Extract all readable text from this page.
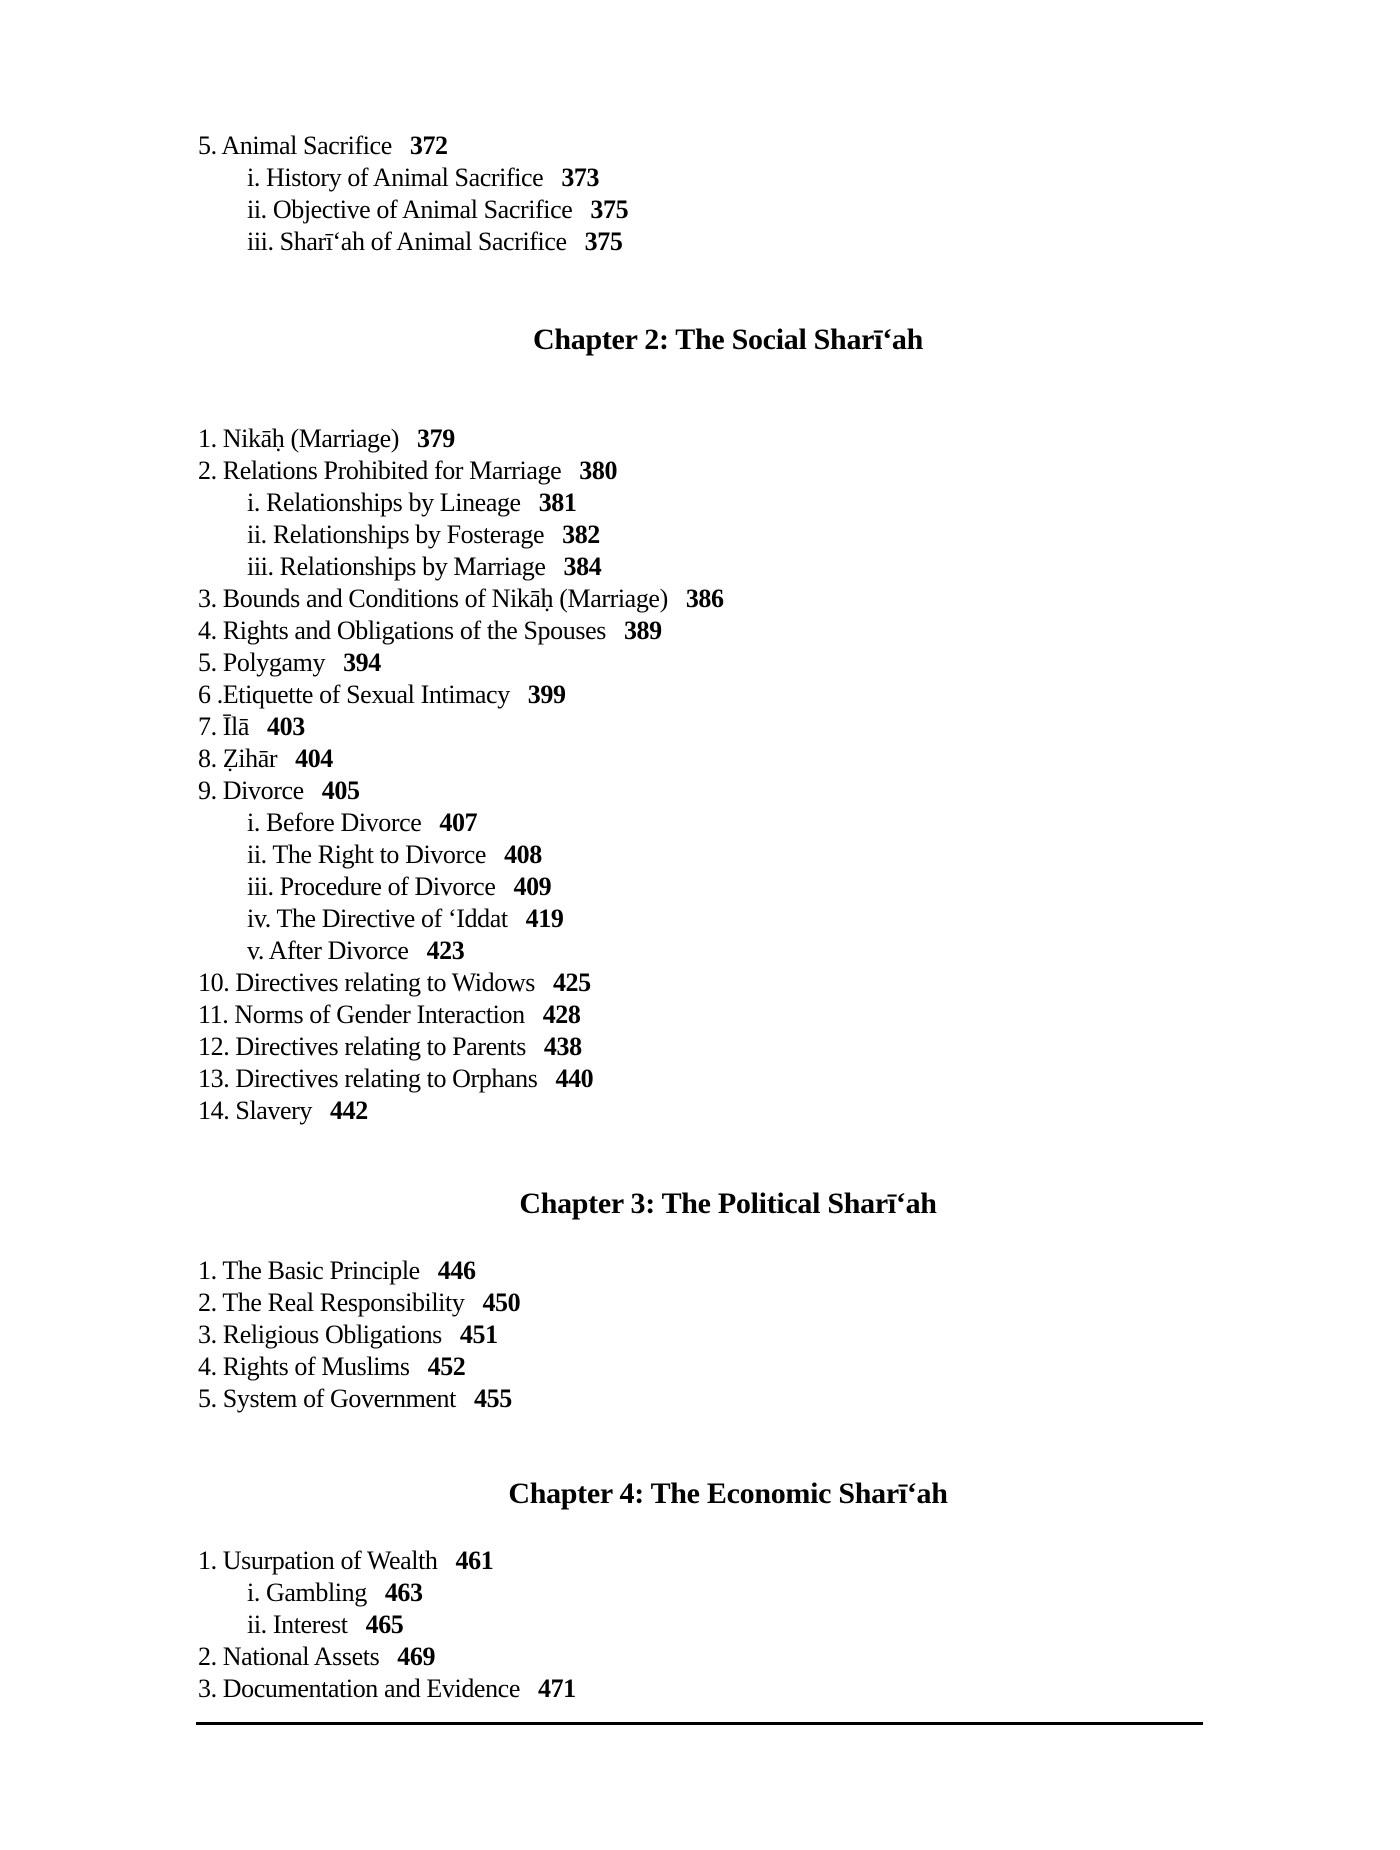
5. Animal Sacrifice 372
i. History of Animal Sacrifice 373
ii. Objective of Animal Sacrifice 375
iii. Sharī‘ah of Animal Sacrifice 375
Chapter 2: The Social Sharī‘ah
1. Nikāḥ (Marriage) 379
2. Relations Prohibited for Marriage 380
i. Relationships by Lineage 381
ii. Relationships by Fosterage 382
iii. Relationships by Marriage 384
3. Bounds and Conditions of Nikāḥ (Marriage) 386
4. Rights and Obligations of the Spouses 389
5. Polygamy 394
6 .Etiquette of Sexual Intimacy 399
7. Īlā 403
8. Ẓihār 404
9. Divorce 405
i. Before Divorce 407
ii. The Right to Divorce 408
iii. Procedure of Divorce 409
iv. The Directive of ‘Iddat 419
v. After Divorce 423
10. Directives relating to Widows 425
11. Norms of Gender Interaction 428
12. Directives relating to Parents 438
13. Directives relating to Orphans 440
14. Slavery 442
Chapter 3: The Political Sharī‘ah
1. The Basic Principle 446
2. The Real Responsibility 450
3. Religious Obligations 451
4. Rights of Muslims 452
5. System of Government 455
Chapter 4: The Economic Sharī‘ah
1. Usurpation of Wealth 461
i. Gambling 463
ii. Interest 465
2. National Assets 469
3. Documentation and Evidence 471
